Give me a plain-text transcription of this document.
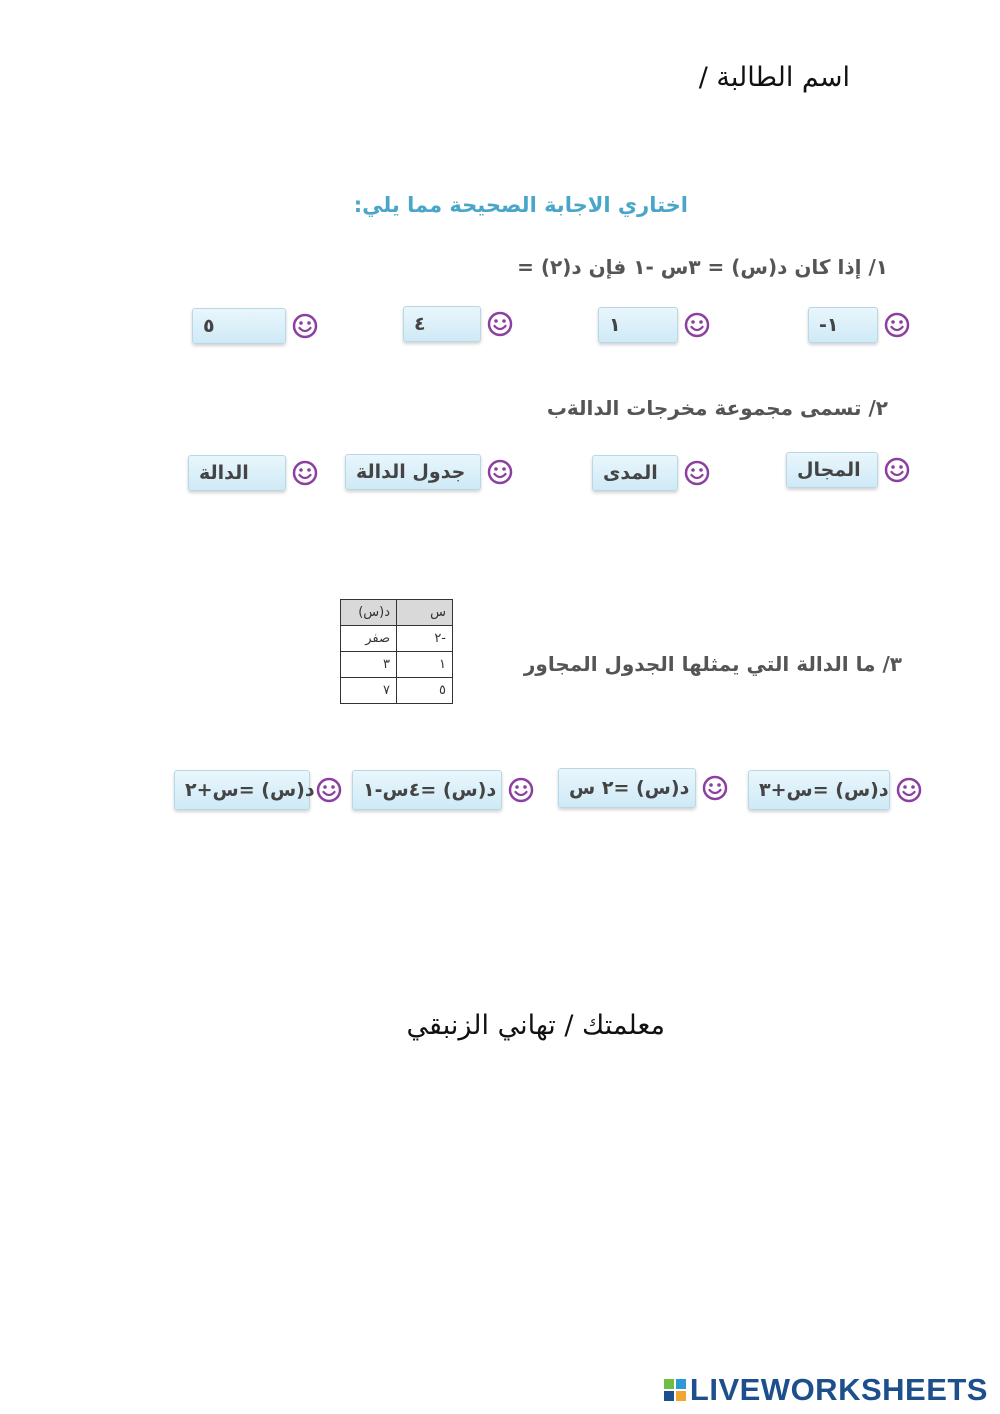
اسم الطالبة /
اختاري الاجابة الصحيحة مما يلي:
١/ إذا كان د(س) = ٣س -١ فإن د(٢) =
١-
١
٤
٥
٢/ تسمى مجموعة مخرجات الدالةب
المجال
المدى
جدول الدالة
الدالة
٣/ ما الدالة التي يمثلها الجدول المجاور
د(س)	س
صفر	٢-
٣	١
٧	٥
د(س) =س+٣
د(س) =٢ س
د(س) =٤س-١
د(س) =س+٢
معلمتك / تهاني الزنبقي
LIVEWORKSHEETS
